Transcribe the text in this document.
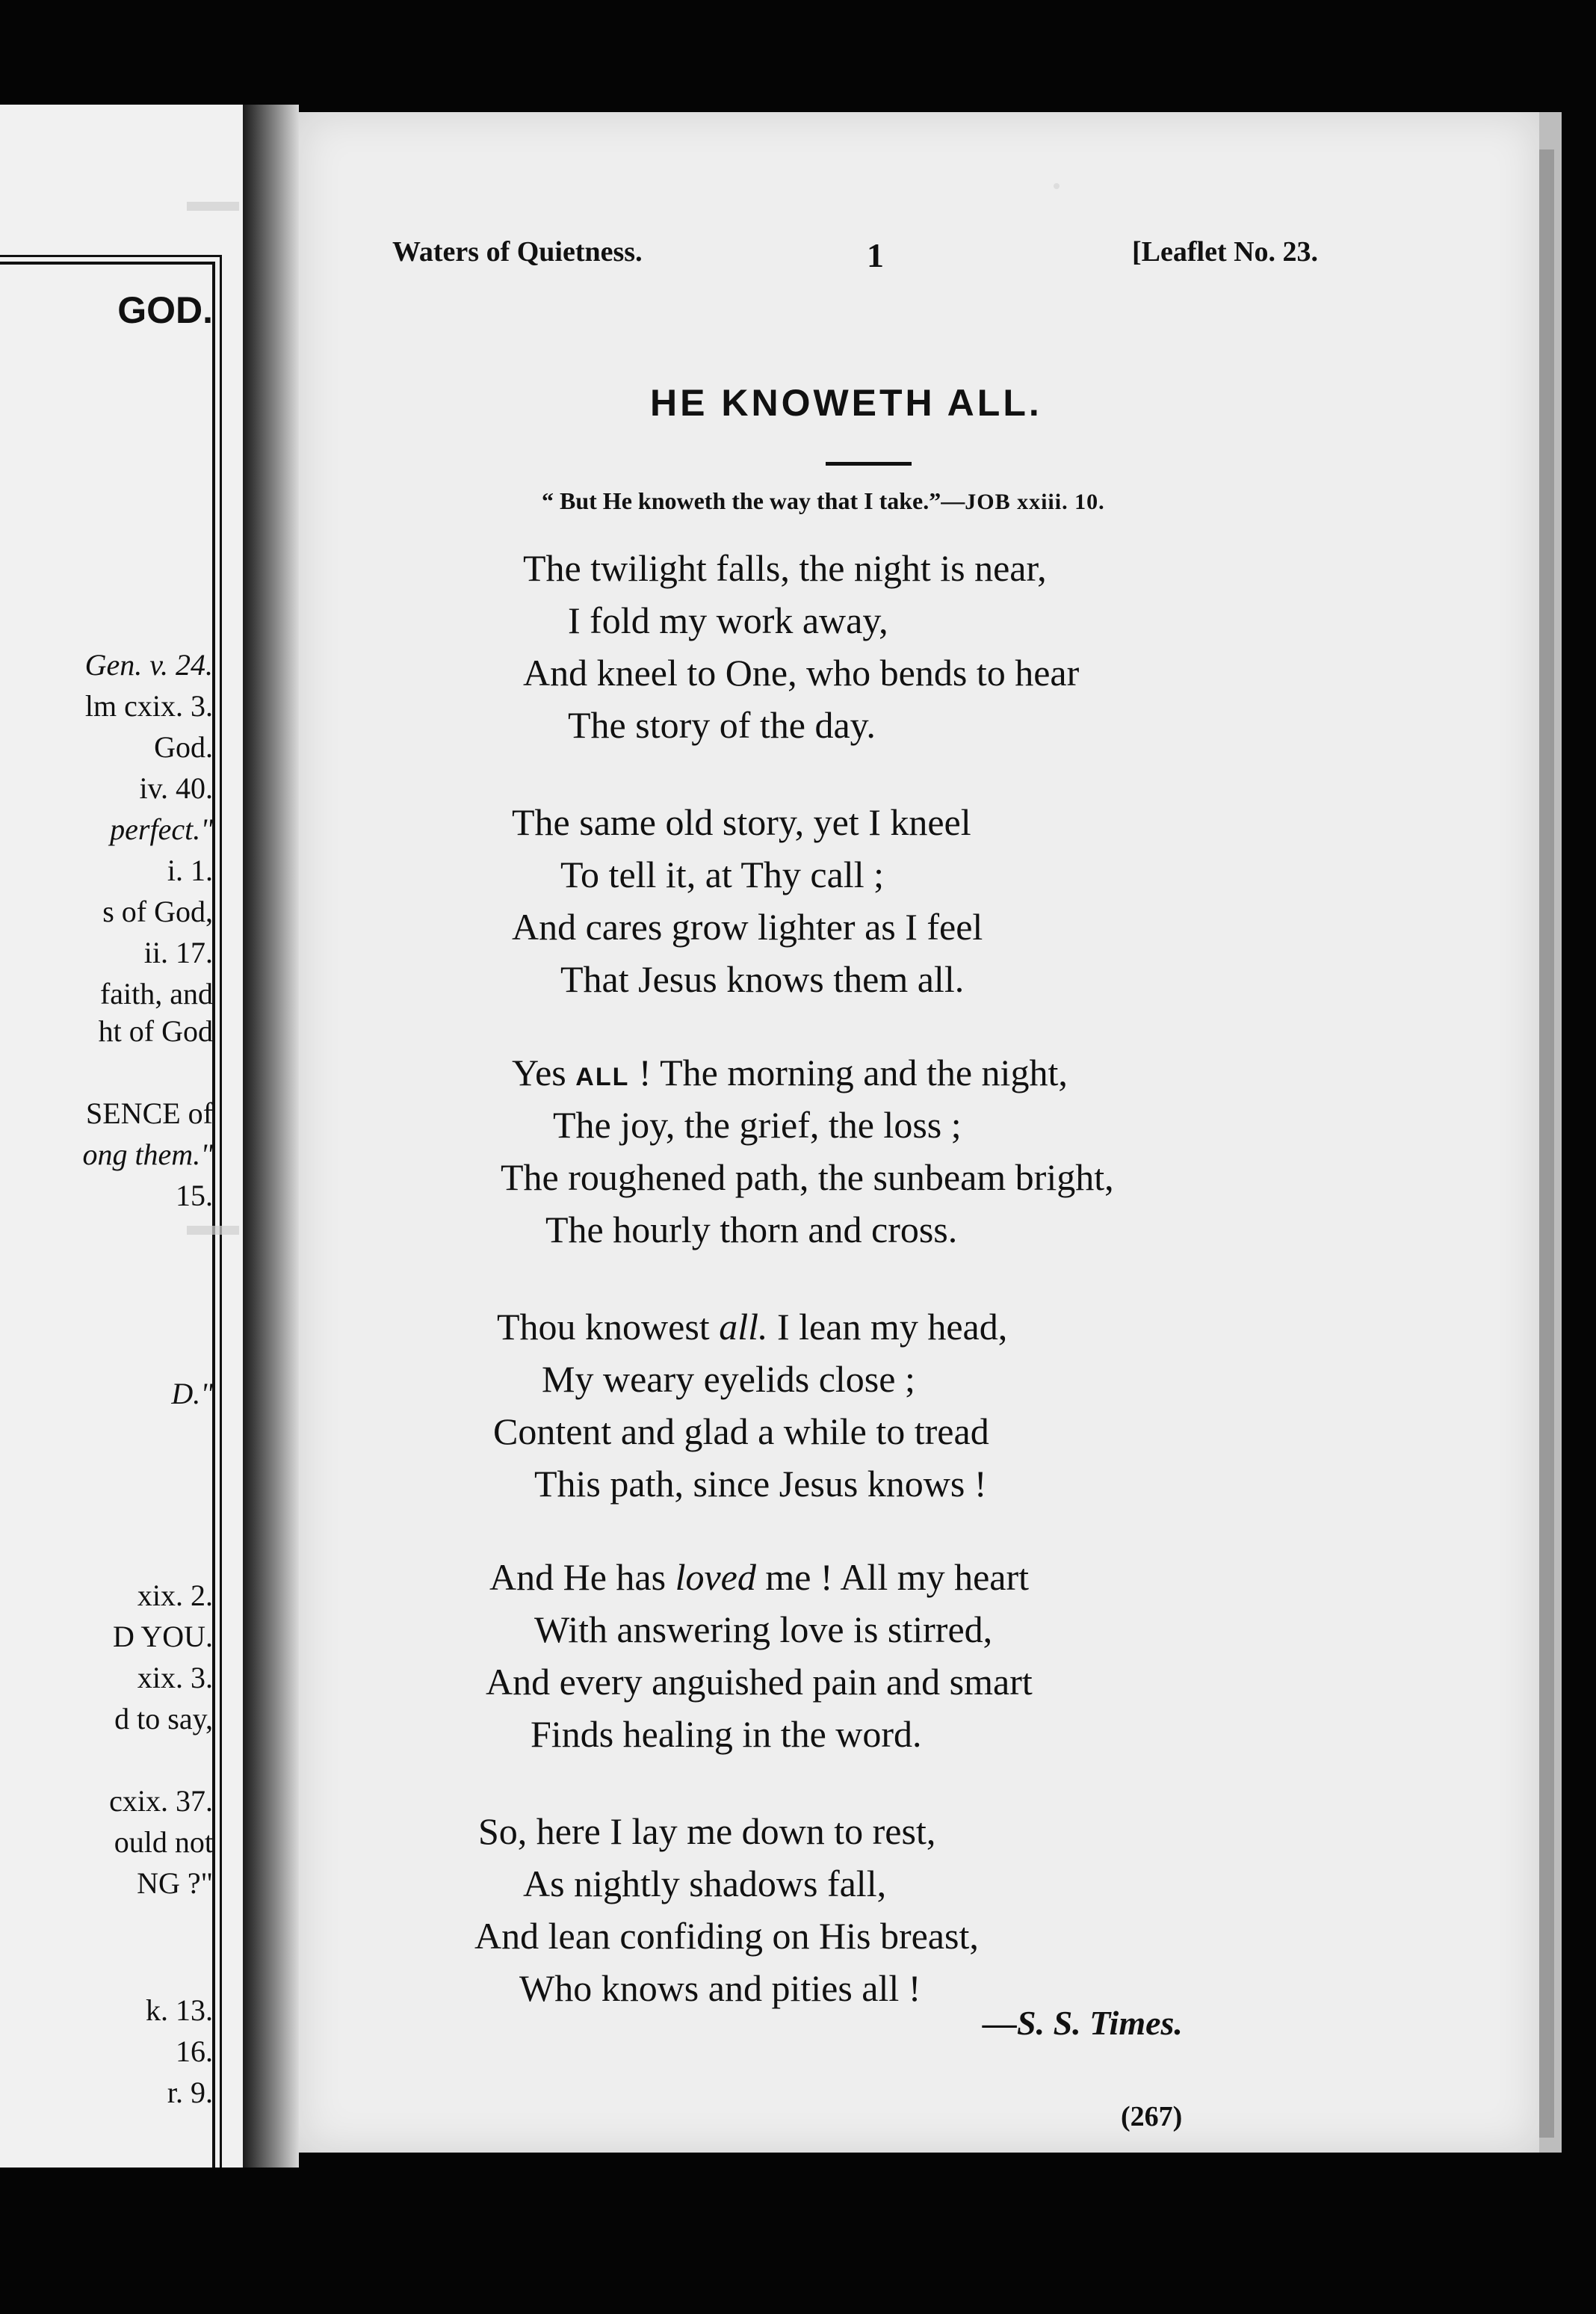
GOD.
Gen. v. 24.
lm cxix. 3.
God.
iv. 40.
perfect."
i. 1.
s of God,
ii. 17.
faith, and
ht of God
SENCE of
ong them."
15.
D."
xix. 2.
D YOU.
xix. 3.
d to say,
cxix. 37.
ould not
NG ?"
k. 13.
16.
r. 9.
Waters of Quietness.	1	[Leaflet No. 23.
HE KNOWETH ALL.
“ But He knoweth the way that I take.”—JOB xxiii. 10.
The twilight falls, the night is near,
I fold my work away,
And kneel to One, who bends to hear
The story of the day.
The same old story, yet I kneel
To tell it, at Thy call ;
And cares grow lighter as I feel
That Jesus knows them all.
Yes ALL ! The morning and the night,
The joy, the grief, the loss ;
The roughened path, the sunbeam bright,
The hourly thorn and cross.
Thou knowest all. I lean my head,
My weary eyelids close ;
Content and glad a while to tread
This path, since Jesus knows !
And He has loved me ! All my heart
With answering love is stirred,
And every anguished pain and smart
Finds healing in the word.
So, here I lay me down to rest,
As nightly shadows fall,
And lean confiding on His breast,
Who knows and pities all !
—S. S. Times.
(267)
